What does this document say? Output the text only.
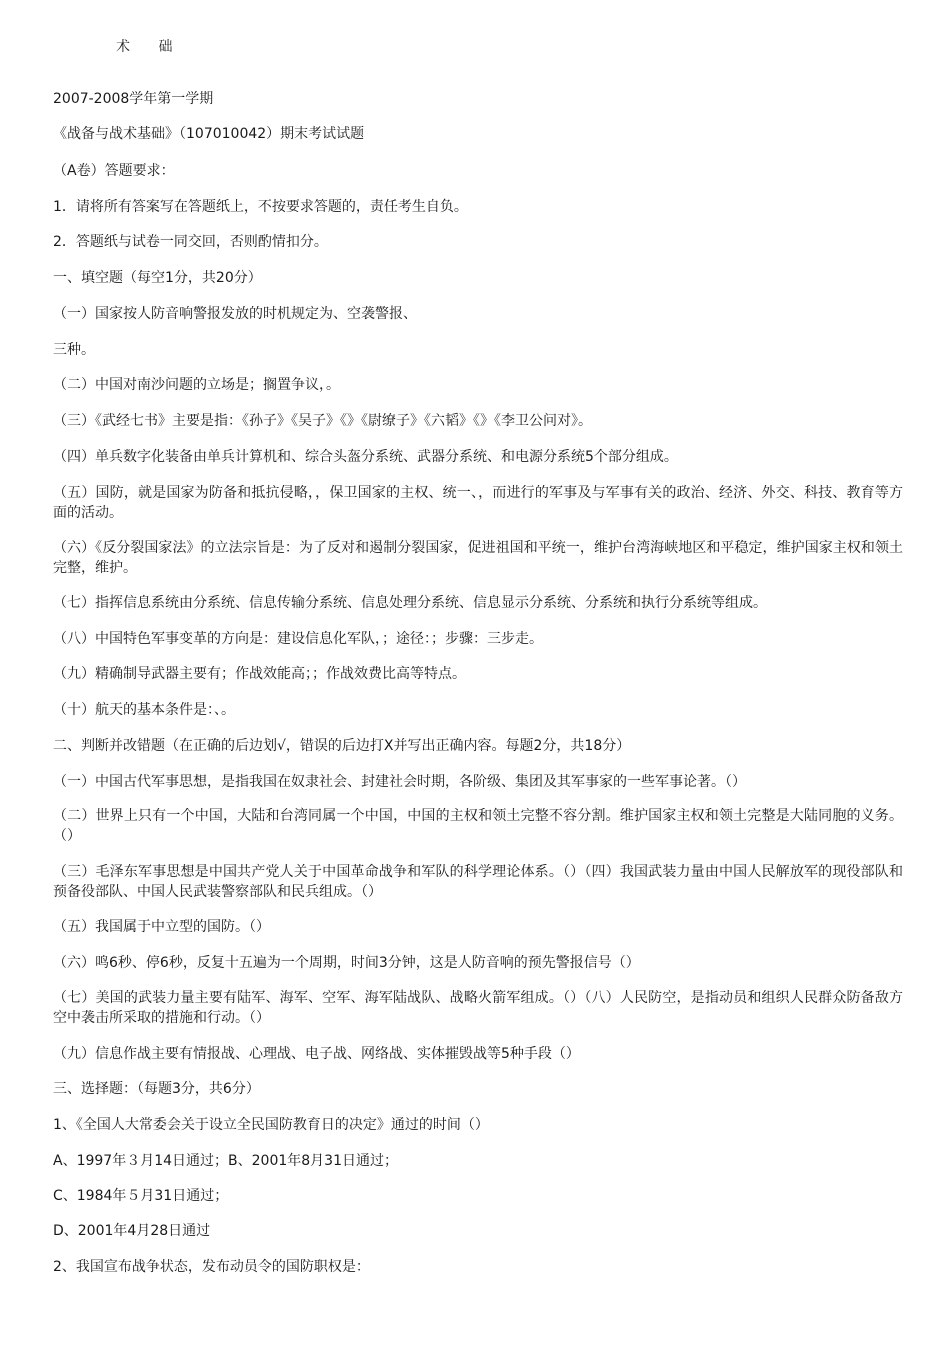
术 础
2007-2008学年第一学期
《战备与战术基础》（107010042）期末考试试题
（A卷）答题要求：
1．请将所有答案写在答题纸上，不按要求答题的，责任考生自负。
2．答题纸与试卷一同交回，否则酌情扣分。
一、填空题（每空1分，共20分）
（一）国家按人防音响警报发放的时机规定为、空袭警报、
三种。
（二）中国对南沙问题的立场是；搁置争议，。
（三）《武经七书》主要是指：《孙子》《吴子》《》《尉缭子》《六韬》《》《李卫公问对》。
（四）单兵数字化装备由单兵计算机和、综合头盔分系统、武器分系统、和电源分系统5个部分组成。
（五）国防，就是国家为防备和抵抗侵略，，保卫国家的主权、统一、，而进行的军事及与军事有关的政治、经济、外交、科技、教育等方面的活动。
（六）《反分裂国家法》的立法宗旨是：为了反对和遏制分裂国家，促进祖国和平统一，维护台湾海峡地区和平稳定，维护国家主权和领土完整，维护。
（七）指挥信息系统由分系统、信息传输分系统、信息处理分系统、信息显示分系统、分系统和执行分系统等组成。
（八）中国特色军事变革的方向是：建设信息化军队，；途径：；步骤：三步走。
（九）精确制导武器主要有；作战效能高；；作战效费比高等特点。
（十）航天的基本条件是：、。
二、判断并改错题（在正确的后边划√，错误的后边打X并写出正确内容。每题2分，共18分）
（一）中国古代军事思想，是指我国在奴隶社会、封建社会时期，各阶级、集团及其军事家的一些军事论著。（）
（二）世界上只有一个中国，大陆和台湾同属一个中国，中国的主权和领土完整不容分割。维护国家主权和领土完整是大陆同胞的义务。（）
（三）毛泽东军事思想是中国共产党人关于中国革命战争和军队的科学理论体系。（）（四）我国武装力量由中国人民解放军的现役部队和预备役部队、中国人民武装警察部队和民兵组成。（）
（五）我国属于中立型的国防。（）
（六）鸣6秒、停6秒，反复十五遍为一个周期，时间3分钟，这是人防音响的预先警报信号（）
（七）美国的武装力量主要有陆军、海军、空军、海军陆战队、战略火箭军组成。（）（八）人民防空，是指动员和组织人民群众防备敌方空中袭击所采取的措施和行动。（）
（九）信息作战主要有情报战、心理战、电子战、网络战、实体摧毁战等5种手段（）
三、选择题：（每题3分，共6分）
1、《全国人大常委会关于设立全民国防教育日的决定》通过的时间（）
A、1997年３月14日通过；B、2001年8月31日通过；
C、1984年５月31日通过；
D、2001年4月28日通过
2、我国宣布战争状态，发布动员令的国防职权是：
